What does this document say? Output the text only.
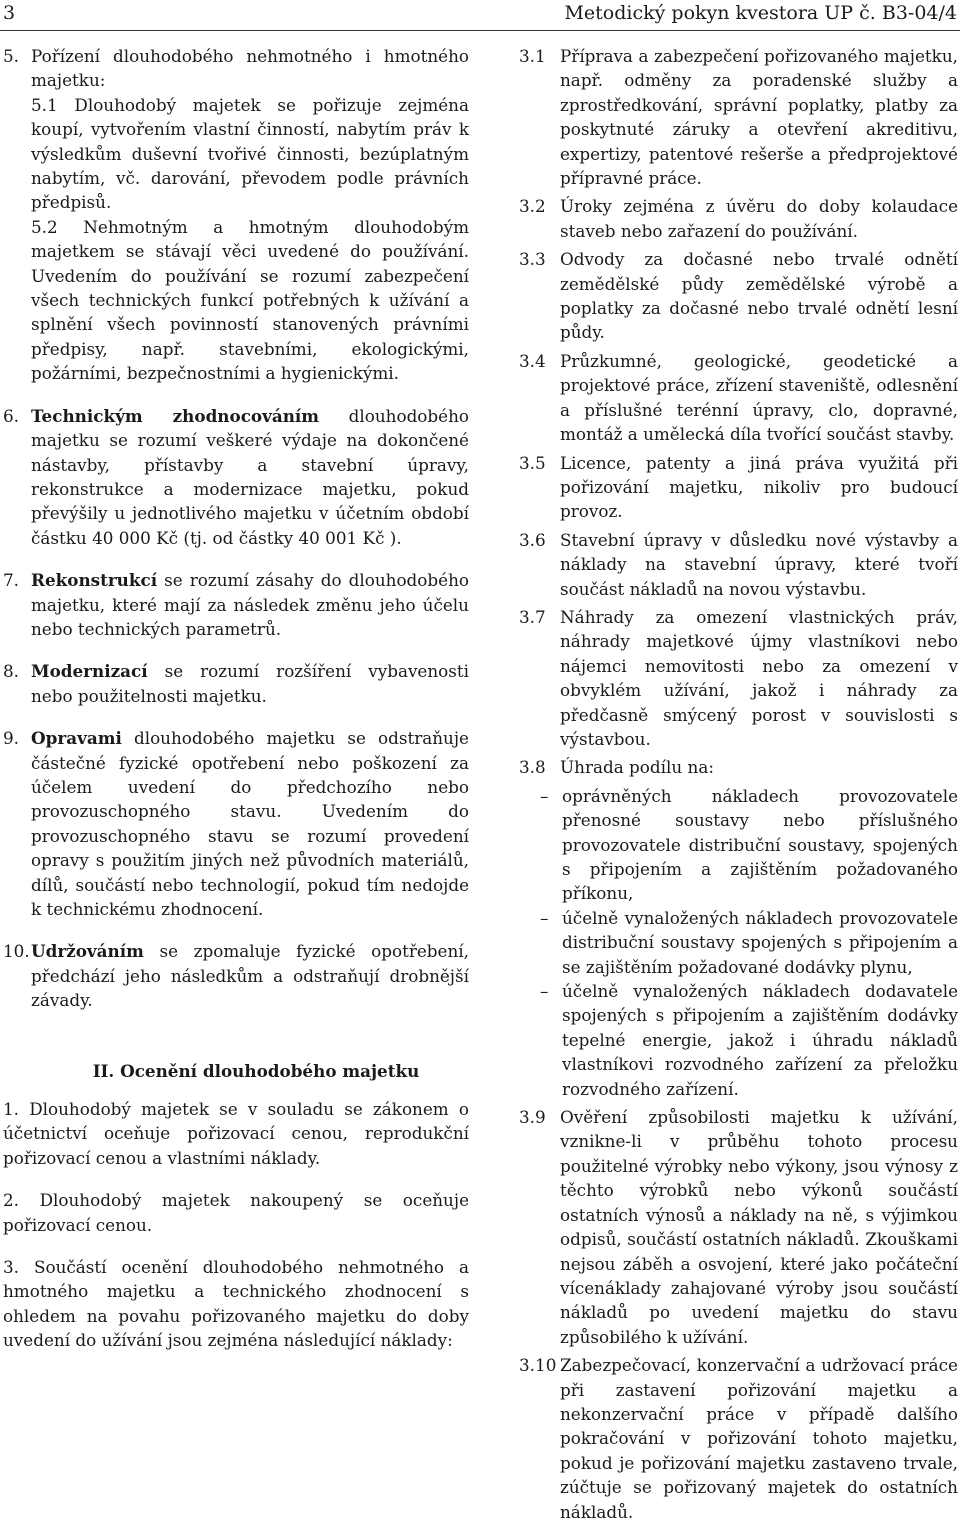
3	Metodický pokyn kvestora UP č. B3-04/4
5. Pořízení dlouhodobého nehmotného i hmotného majetku:
5.1 Dlouhodobý majetek se pořizuje zejména koupí, vytvořením vlastní činností, nabytím práv k výsledkům duševní tvořivé činnosti, bezúplatným nabytím, vč. darování, převodem podle právních předpisů.
5.2 Nehmotným a hmotným dlouhodobým majetkem se stávají věci uvedené do používání. Uvedením do používání se rozumí zabezpečení všech technických funkcí potřebných k užívání a splnění všech povinností stanovených právními předpisy, např. stavebními, ekologickými, požárními, bezpečnostními a hygienickými.
6. Technickým zhodnocováním dlouhodobého majetku se rozumí veškeré výdaje na dokončené nástavby, přístavby a stavební úpravy, rekonstrukce a modernizace majetku, pokud převýšily u jednotlivého majetku v účetním období částku 40 000 Kč (tj. od částky 40 001 Kč ).
7. Rekonstrukcí se rozumí zásahy do dlouhodobého majetku, které mají za následek změnu jeho účelu nebo technických parametrů.
8. Modernizací se rozumí rozšíření vybavenosti nebo použitelnosti majetku.
9. Opravami dlouhodobého majetku se odstraňuje částečné fyzické opotřebení nebo poškození za účelem uvedení do předchozího nebo provozuschopného stavu. Uvedením do provozuschopného stavu se rozumí provedení opravy s použitím jiných než původních materiálů, dílů, součástí nebo technologií, pokud tím nedojde k technickému zhodnocení.
10. Udržováním se zpomaluje fyzické opotřebení, předchází jeho následkům a odstraňují drobnější závady.
II. Ocenění dlouhodobého majetku
1. Dlouhodobý majetek se v souladu se zákonem o účetnictví oceňuje pořizovací cenou, reprodukční pořizovací cenou a vlastními náklady.
2. Dlouhodobý majetek nakoupený se oceňuje pořizovací cenou.
3. Součástí ocenění dlouhodobého nehmotného a hmotného majetku a technického zhodnocení s ohledem na povahu pořizovaného majetku do doby uvedení do užívání jsou zejména následující náklady:
3.1 Příprava a zabezpečení pořizovaného majetku, např. odměny za poradenské služby a zprostředkování, správní poplatky, platby za poskytnuté záruky a otevření akreditivu, expertizy, patentové rešerše a předprojektové přípravné práce.
3.2 Úroky zejména z úvěru do doby kolaudace staveb nebo zařazení do používání.
3.3 Odvody za dočasné nebo trvalé odnětí zemědělské půdy zemědělské výrobě a poplatky za dočasné nebo trvalé odnětí lesní půdy.
3.4 Průzkumné, geologické, geodetické a projektové práce, zřízení staveniště, odlesnění a příslušné terénní úpravy, clo, dopravné, montáž a umělecká díla tvořící součást stavby.
3.5 Licence, patenty a jiná práva využitá při pořizování majetku, nikoliv pro budoucí provoz.
3.6 Stavební úpravy v důsledku nové výstavby a náklady na stavební úpravy, které tvoří součást nákladů na novou výstavbu.
3.7 Náhrady za omezení vlastnických práv, náhrady majetkové újmy vlastníkovi nebo nájemci nemovitosti nebo za omezení v obvyklém užívání, jakož i náhrady za předčasně smýcený porost v souvislosti s výstavbou.
3.8 Úhrada podílu na:
– oprávněných nákladech provozovatele přenosné soustavy nebo příslušného provozovatele distribuční soustavy, spojených s připojením a zajištěním požadovaného příkonu,
– účelně vynaložených nákladech provozovatele distribuční soustavy spojených s připojením a se zajištěním požadované dodávky plynu,
– účelně vynaložených nákladech dodavatele spojených s připojením a zajištěním dodávky tepelné energie, jakož i úhradu nákladů vlastníkovi rozvodného zařízení za přeložku rozvodného zařízení.
3.9 Ověření způsobilosti majetku k užívání, vznikne-li v průběhu tohoto procesu použitelné výrobky nebo výkony, jsou výnosy z těchto výrobků nebo výkonů součástí ostatních výnosů a náklady na ně, s výjimkou odpisů, součástí ostatních nákladů. Zkouškami nejsou záběh a osvojení, které jako počáteční vícenáklady zahajované výroby jsou součástí nákladů po uvedení majetku do stavu způsobilého k užívání.
3.10 Zabezpečovací, konzervační a udržovací práce při zastavení pořizování majetku a nekonzervační práce v případě dalšího pokračování v pořizování tohoto majetku, pokud je pořizování majetku zastaveno trvale, zúčtuje se pořizovaný majetek do ostatních nákladů.
